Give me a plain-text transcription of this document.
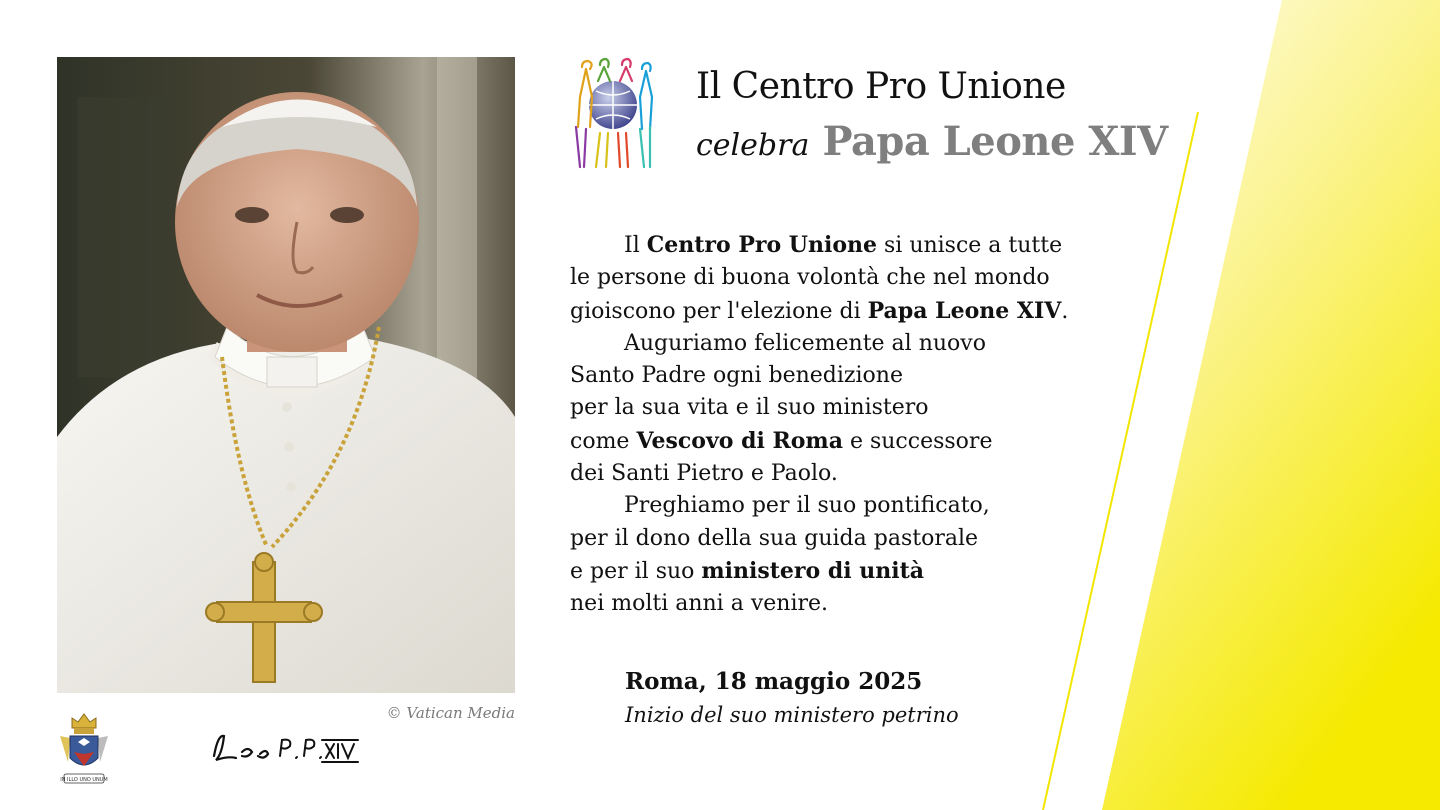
© Vatican Media
IN ILLO UNO UNUM
Leo P.P. XIV
Il Centro Pro Unione
celebra Papa Leone XIV
Il Centro Pro Unione si unisce a tutte
le persone di buona volontà che nel mondo
gioiscono per l'elezione di Papa Leone XIV.
Auguriamo felicemente al nuovo
Santo Padre ogni benedizione
per la sua vita e il suo ministero
come Vescovo di Roma e successore
dei Santi Pietro e Paolo.
Preghiamo per il suo pontificato,
per il dono della sua guida pastorale
e per il suo ministero di unità
nei molti anni a venire.
Roma, 18 maggio 2025
Inizio del suo ministero petrino
